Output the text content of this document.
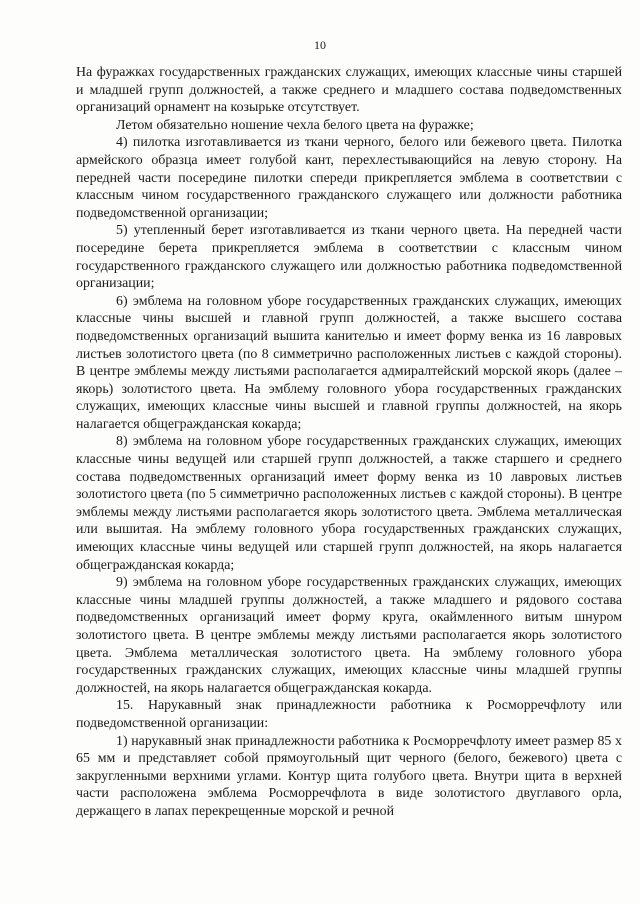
10

На фуражках государственных гражданских служащих, имеющих классные чины старшей и младшей групп должностей, а также среднего и младшего состава подведомственных организаций орнамент на козырьке отсутствует.

Летом обязательно ношение чехла белого цвета на фуражке;

4) пилотка изготавливается из ткани черного, белого или бежевого цвета. Пилотка армейского образца имеет голубой кант, перехлестывающийся на левую сторону. На передней части посередине пилотки спереди прикрепляется эмблема в соответствии с классным чином государственного гражданского служащего или должности работника подведомственной организации;

5) утепленный берет изготавливается из ткани черного цвета. На передней части посередине берета прикрепляется эмблема в соответствии с классным чином государственного гражданского служащего или должностью работника подведомственной организации;

6) эмблема на головном уборе государственных гражданских служащих, имеющих классные чины высшей и главной групп должностей, а также высшего состава подведомственных организаций вышита канителью и имеет форму венка из 16 лавровых листьев золотистого цвета (по 8 симметрично расположенных листьев с каждой стороны). В центре эмблемы между листьями располагается адмиралтейский морской якорь (далее – якорь) золотистого цвета. На эмблему головного убора государственных гражданских служащих, имеющих классные чины высшей и главной группы должностей, на якорь налагается общегражданская кокарда;

8) эмблема на головном уборе государственных гражданских служащих, имеющих классные чины ведущей или старшей групп должностей, а также старшего и среднего состава подведомственных организаций имеет форму венка из 10 лавровых листьев золотистого цвета (по 5 симметрично расположенных листьев с каждой стороны). В центре эмблемы между листьями располагается якорь золотистого цвета. Эмблема металлическая или вышитая. На эмблему головного убора государственных гражданских служащих, имеющих классные чины ведущей или старшей групп должностей, на якорь налагается общегражданская кокарда;

9) эмблема на головном уборе государственных гражданских служащих, имеющих классные чины младшей группы должностей, а также младшего и рядового состава подведомственных организаций имеет форму круга, окаймленного витым шнуром золотистого цвета. В центре эмблемы между листьями располагается якорь золотистого цвета. Эмблема металлическая золотистого цвета. На эмблему головного убора государственных гражданских служащих, имеющих классные чины младшей группы должностей, на якорь налагается общегражданская кокарда.

15. Нарукавный знак принадлежности работника к Росморречфлоту или подведомственной организации:

1) нарукавный знак принадлежности работника к Росморречфлоту имеет размер 85 х 65 мм и представляет собой прямоугольный щит черного (белого, бежевого) цвета с закругленными верхними углами. Контур щита голубого цвета. Внутри щита в верхней части расположена эмблема Росморречфлота в виде золотистого двуглавого орла, держащего в лапах перекрещенные морской и речной
